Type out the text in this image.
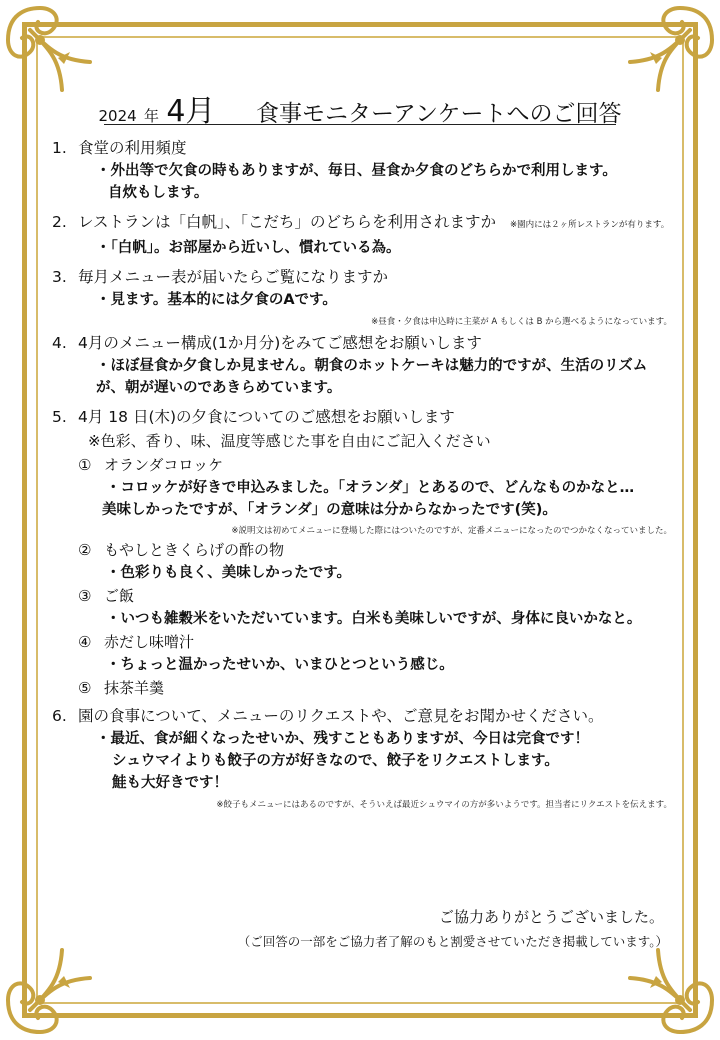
2024 年 4月 食事モニターアンケートへのご回答
1. 食堂の利用頻度
・外出等で欠食の時もありますが、毎日、昼食か夕食のどちらかで利用します。
自炊もします。
2. レストランは「白帆」、「こだち」のどちらを利用されますか ※園内には２ヶ所レストランが有ります。
・「白帆」。お部屋から近いし、慣れている為。
3. 毎月メニュー表が届いたらご覧になりますか
・見ます。基本的には夕食のAです。
※昼食・夕食は申込時に主菜が A もしくは B から選べるようになっています。
4. 4月のメニュー構成(1か月分)をみてご感想をお願いします
・ほぼ昼食か夕食しか見ません。朝食のホットケーキは魅力的ですが、生活のリズム
が、朝が遅いのであきらめています。
5. 4月 18 日(木)の夕食についてのご感想をお願いします
※色彩、香り、味、温度等感じた事を自由にご記入ください
① オランダコロッケ
・コロッケが好きで申込みました。「オランダ」とあるので、どんなものかなと…
美味しかったですが、「オランダ」の意味は分からなかったです(笑)。
※説明文は初めてメニューに登場した際にはついたのですが、定番メニューになったのでつかなくなっていました。
② もやしときくらげの酢の物
・色彩りも良く、美味しかったです。
③ ご飯
・いつも雑穀米をいただいています。白米も美味しいですが、身体に良いかなと。
④ 赤だし味噌汁
・ちょっと温かったせいか、いまひとつという感じ。
⑤ 抹茶羊羹
6. 園の食事について、メニューのリクエストや、ご意見をお聞かせください。
・最近、食が細くなったせいか、残すこともありますが、今日は完食です！
シュウマイよりも餃子の方が好きなので、餃子をリクエストします。
鮭も大好きです！
※餃子もメニューにはあるのですが、そういえば最近シュウマイの方が多いようです。担当者にリクエストを伝えます。
ご協力ありがとうございました。
（ご回答の一部をご協力者了解のもと割愛させていただき掲載しています。）
